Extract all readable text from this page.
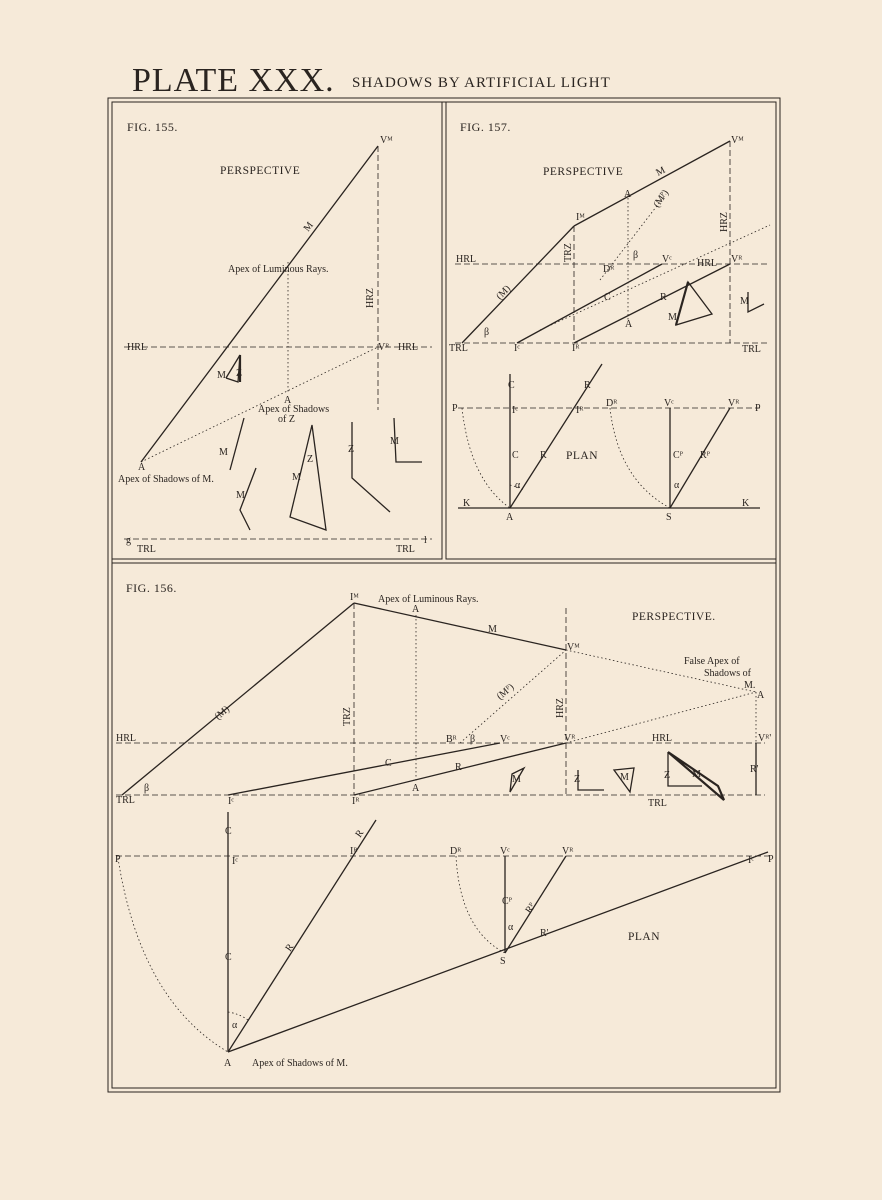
PLATE XXX. SHADOWS BY ARTIFICIAL LIGHT
FIG. 155.
PERSPECTIVE
Vᴹ
Vᴿ
HRL	HRL
HRZ
Apex of Luminous Rays.
Apex of Shadows
of Z
A
A
Apex of Shadows of M.
M
g
TRL	TRL
l
M Z
M
M
M
Z
Z
M
FIG. 157.
PERSPECTIVE
HRL	HRL
TRL	TRL
Vᴹ
Iᴹ
Vᶜ	Vᴿ
Dᴿ
Iᶜ	Iᴿ
TRZ
HRZ
M
(Mᴾ)
(M)	C	R
A
A
β
β
M
M
P	P
K	K
Iᶜ	Iᴿ
Dᴿ	Vᶜ	Vᴿ
C
C
R
R PLAN	Cᴾ Rᴾ
α	α
A	S
FIG. 156.
PERSPECTIVE.
HRL	HRL
TRL	TRL
Iᴹ Apex of Luminous Rays.
A
M
Vᴹ
False Apex of
Shadows of
M.
A
(M)
(Mᴾ)
TRZ	HRZ
Bᴿ β Vᶜ	Vᴿ	Vᴿ'
β
Iᶜ	Iᴿ
A
C	R	R'
M	Z	M	Z M
P	P
C
Iᶜ
C
Iᴿ
R
R
Dᴿ	Vᶜ	Vᴿ
Iᶜ
Cᴾ Rᴾ
R'	PLAN
α
S
α
A Apex of Shadows of M.
